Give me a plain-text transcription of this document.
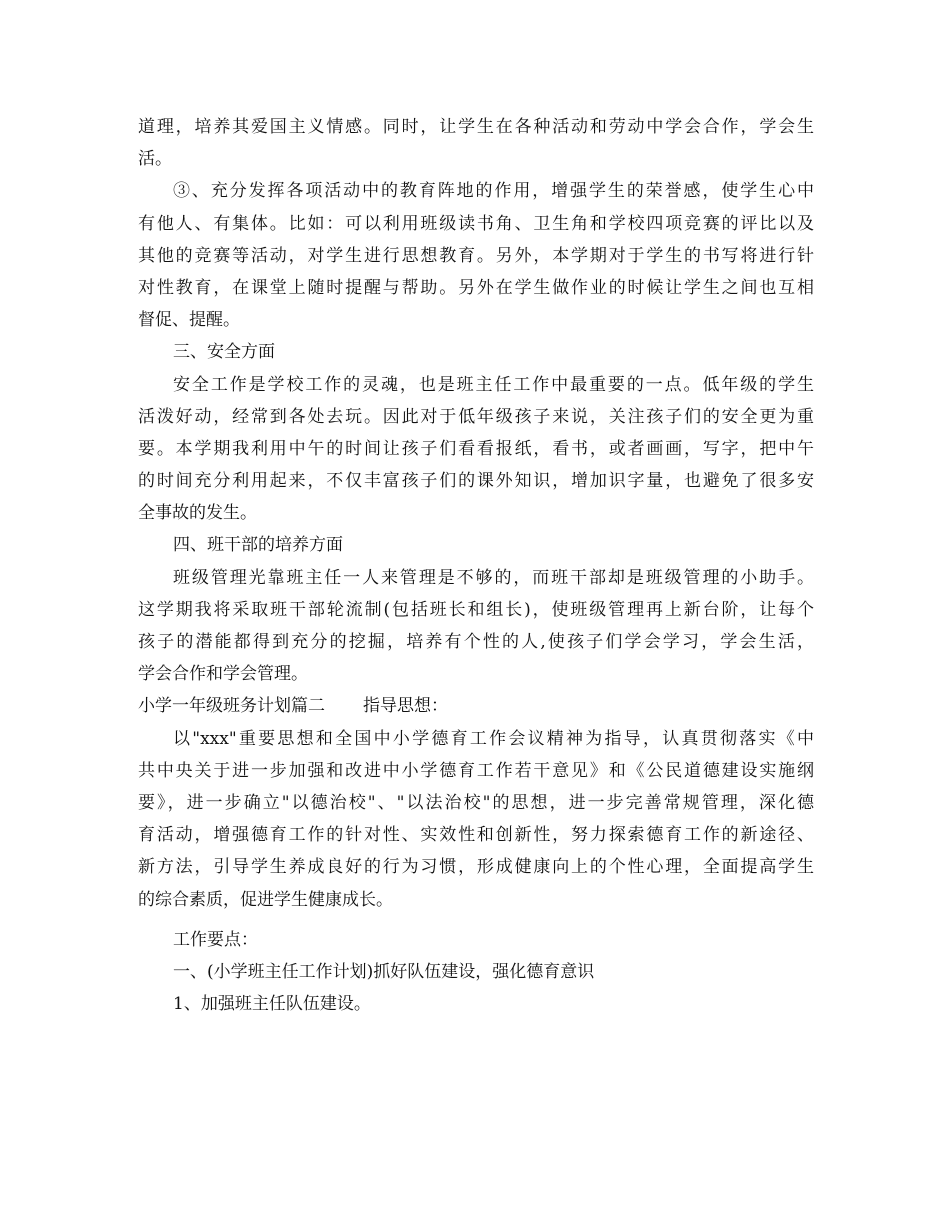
道理，培养其爱国主义情感。同时，让学生在各种活动和劳动中学会合作，学会生
活。
③、充分发挥各项活动中的教育阵地的作用，增强学生的荣誉感，使学生心中
有他人、有集体。比如：可以利用班级读书角、卫生角和学校四项竞赛的评比以及
其他的竞赛等活动，对学生进行思想教育。另外，本学期对于学生的书写将进行针
对性教育，在课堂上随时提醒与帮助。另外在学生做作业的时候让学生之间也互相
督促、提醒。
三、安全方面
安全工作是学校工作的灵魂，也是班主任工作中最重要的一点。低年级的学生
活泼好动，经常到各处去玩。因此对于低年级孩子来说，关注孩子们的安全更为重
要。本学期我利用中午的时间让孩子们看看报纸，看书，或者画画，写字，把中午
的时间充分利用起来，不仅丰富孩子们的课外知识，增加识字量，也避免了很多安
全事故的发生。
四、班干部的培养方面
班级管理光靠班主任一人来管理是不够的，而班干部却是班级管理的小助手。
这学期我将采取班干部轮流制(包括班长和组长)，使班级管理再上新台阶，让每个
孩子的潜能都得到充分的挖掘，培养有个性的人,使孩子们学会学习，学会生活，
学会合作和学会管理。
小学一年级班务计划篇二 指导思想：
以"xxx"重要思想和全国中小学德育工作会议精神为指导，认真贯彻落实《中
共中央关于进一步加强和改进中小学德育工作若干意见》和《公民道德建设实施纲
要》，进一步确立"以德治校"、"以法治校"的思想，进一步完善常规管理，深化德
育活动，增强德育工作的针对性、实效性和创新性，努力探索德育工作的新途径、
新方法，引导学生养成良好的行为习惯，形成健康向上的个性心理，全面提高学生
的综合素质，促进学生健康成长。
工作要点：
一、(小学班主任工作计划)抓好队伍建设，强化德育意识
1、加强班主任队伍建设。
